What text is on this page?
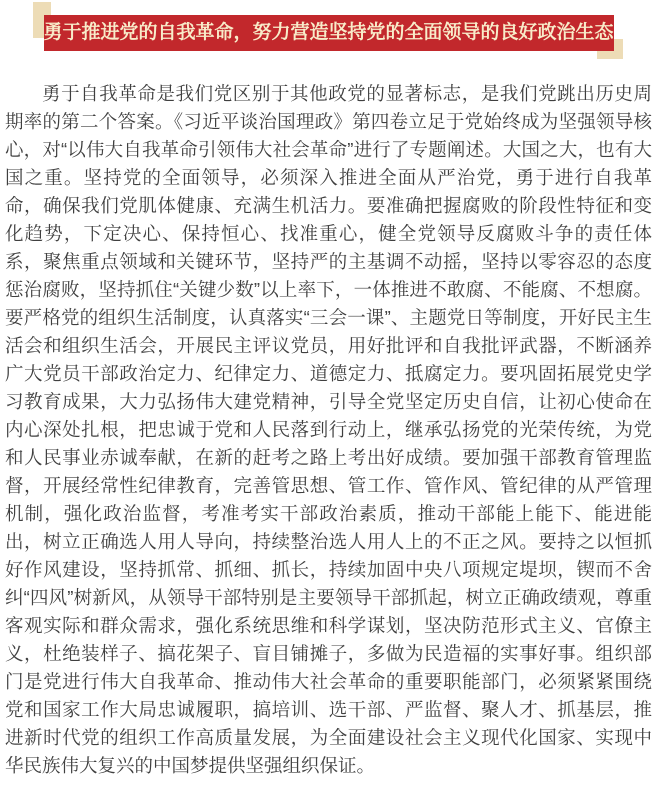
勇于推进党的自我革命，努力营造坚持党的全面领导的良好政治生态

勇于自我革命是我们党区别于其他政党的显著标志，是我们党跳出历史周期率的第二个答案。《习近平谈治国理政》第四卷立足于党始终成为坚强领导核心，对“以伟大自我革命引领伟大社会革命”进行了专题阐述。大国之大，也有大国之重。坚持党的全面领导，必须深入推进全面从严治党，勇于进行自我革命，确保我们党肌体健康、充满生机活力。要准确把握腐败的阶段性特征和变化趋势，下定决心、保持恒心、找准重心，健全党领导反腐败斗争的责任体系，聚焦重点领域和关键环节，坚持严的主基调不动摇，坚持以零容忍的态度惩治腐败，坚持抓住“关键少数”以上率下，一体推进不敢腐、不能腐、不想腐。要严格党的组织生活制度，认真落实“三会一课”、主题党日等制度，开好民主生活会和组织生活会，开展民主评议党员，用好批评和自我批评武器，不断涵养广大党员干部政治定力、纪律定力、道德定力、抵腐定力。要巩固拓展党史学习教育成果，大力弘扬伟大建党精神，引导全党坚定历史自信，让初心使命在内心深处扎根，把忠诚于党和人民落到行动上，继承弘扬党的光荣传统，为党和人民事业赤诚奉献，在新的赶考之路上考出好成绩。要加强干部教育管理监督，开展经常性纪律教育，完善管思想、管工作、管作风、管纪律的从严管理机制，强化政治监督，考准考实干部政治素质，推动干部能上能下、能进能出，树立正确选人用人导向，持续整治选人用人上的不正之风。要持之以恒抓好作风建设，坚持抓常、抓细、抓长，持续加固中央八项规定堤坝，锲而不舍纠“四风”树新风，从领导干部特别是主要领导干部抓起，树立正确政绩观，尊重客观实际和群众需求，强化系统思维和科学谋划，坚决防范形式主义、官僚主义，杜绝装样子、搞花架子、盲目铺摊子，多做为民造福的实事好事。组织部门是党进行伟大自我革命、推动伟大社会革命的重要职能部门，必须紧紧围绕党和国家工作大局忠诚履职，搞培训、选干部、严监督、聚人才、抓基层，推进新时代党的组织工作高质量发展，为全面建设社会主义现代化国家、实现中华民族伟大复兴的中国梦提供坚强组织保证。
